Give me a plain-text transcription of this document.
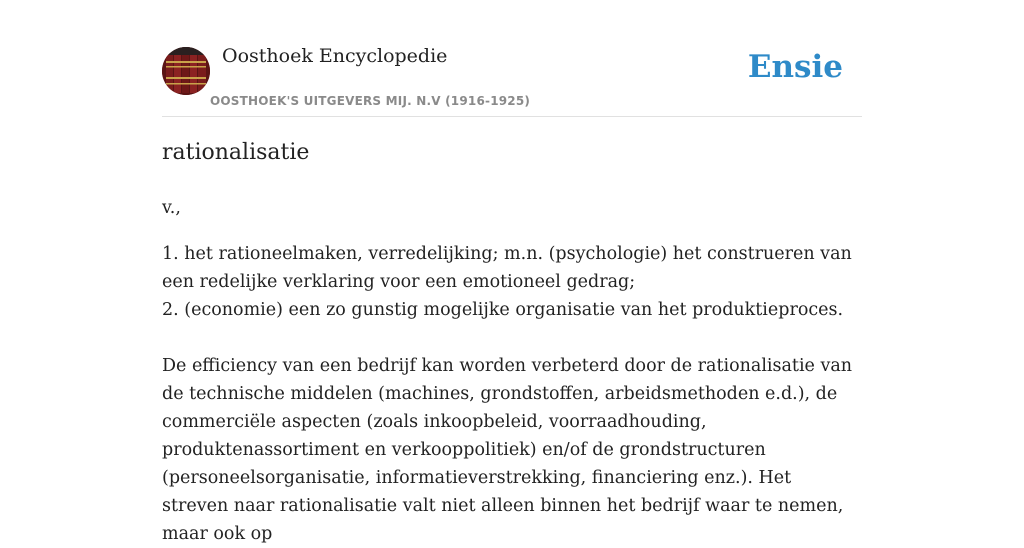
Oosthoek Encyclopedie
OOSTHOEK'S UITGEVERS MIJ. N.V (1916-1925)
Ensie
rationalisatie

v.,

1. het rationeelmaken, verredelijking; m.n. (psychologie) het construeren van een redelijke verklaring voor een emotioneel gedrag;

2. (economie) een zo gunstig mogelijke organisatie van het produktieproces.

De efficiency van een bedrijf kan worden verbeterd door de rationalisatie van de technische middelen (machines, grondstoffen, arbeidsmethoden e.d.), de commerciële aspecten (zoals inkoopbeleid, voorraadhouding, produktenassortiment en verkooppolitiek) en/of de grondstructuren (personeelsorganisatie, informatieverstrekking, financiering enz.). Het streven naar rationalisatie valt niet alleen binnen het bedrijf waar te nemen, maar ook op
